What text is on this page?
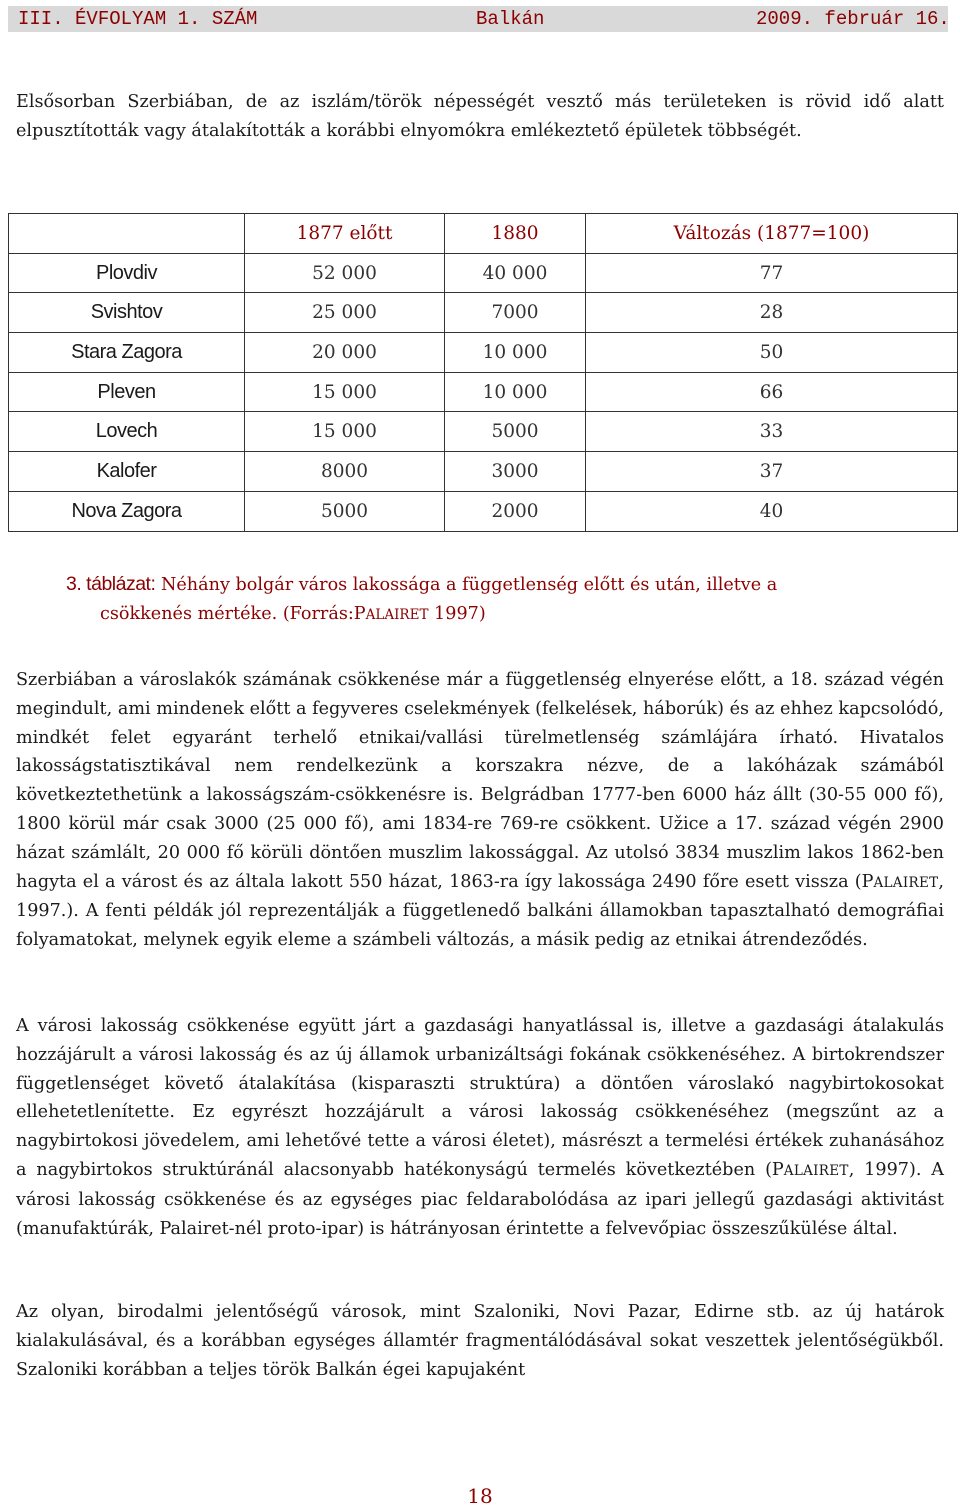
III. ÉVFOLYAM 1. SZÁM	Balkán	2009. február 16.

Elsősorban Szerbiában, de az iszlám/török népességét vesztő más területeken is rövid idő alatt elpusztították vagy átalakították a korábbi elnyomókra emlékeztető épületek többségét.

	1877 előtt	1880	Változás (1877=100)
Plovdiv	52 000	40 000	77
Svishtov	25 000	7000	28
Stara Zagora	20 000	10 000	50
Pleven	15 000	10 000	66
Lovech	15 000	5000	33
Kalofer	8000	3000	37
Nova Zagora	5000	2000	40
3. táblázat: Néhány bolgár város lakossága a függetlenség előtt és után, illetve a
csökkenés mértéke. (Forrás:PALAIRET 1997)

Szerbiában a városlakók számának csökkenése már a függetlenség elnyerése előtt, a 18. század végén megindult, ami mindenek előtt a fegyveres cselekmények (felkelések, háborúk) és az ehhez kapcsolódó, mindkét felet egyaránt terhelő etnikai/vallási türelmetlenség számlájára írható. Hivatalos lakosságstatisztikával nem rendelkezünk a korszakra nézve, de a lakóházak számából következtethetünk a lakosságszám-csökkenésre is. Belgrádban 1777-ben 6000 ház állt (30-55 000 fő), 1800 körül már csak 3000 (25 000 fő), ami 1834-re 769-re csökkent. Užice a 17. század végén 2900 házat számlált, 20 000 fő körüli döntően muszlim lakossággal. Az utolsó 3834 muszlim lakos 1862-ben hagyta el a várost és az általa lakott 550 házat, 1863-ra így lakossága 2490 főre esett vissza (PALAIRET, 1997.). A fenti példák jól reprezentálják a függetlenedő balkáni államokban tapasztalható demográfiai folyamatokat, melynek egyik eleme a számbeli változás, a másik pedig az etnikai átrendeződés.

A városi lakosság csökkenése együtt járt a gazdasági hanyatlással is, illetve a gazdasági átalakulás hozzájárult a városi lakosság és az új államok urbanizáltsági fokának csökkenéséhez. A birtokrendszer függetlenséget követő átalakítása (kisparaszti struktúra) a döntően városlakó nagybirtokosokat ellehetetlenítette. Ez egyrészt hozzájárult a városi lakosság csökkenéséhez (megszűnt az a nagybirtokosi jövedelem, ami lehetővé tette a városi életet), másrészt a termelési értékek zuhanásához a nagybirtokos struktúránál alacsonyabb hatékonyságú termelés következtében (PALAIRET, 1997). A városi lakosság csökkenése és az egységes piac feldarabolódása az ipari jellegű gazdasági aktivitást (manufaktúrák, Palairet-nél proto-ipar) is hátrányosan érintette a felvevőpiac összeszűkülése által.

Az olyan, birodalmi jelentőségű városok, mint Szaloniki, Novi Pazar, Edirne stb. az új határok kialakulásával, és a korábban egységes államtér fragmentálódásával sokat veszettek jelentőségükből. Szaloniki korábban a teljes török Balkán égei kapujaként

18
